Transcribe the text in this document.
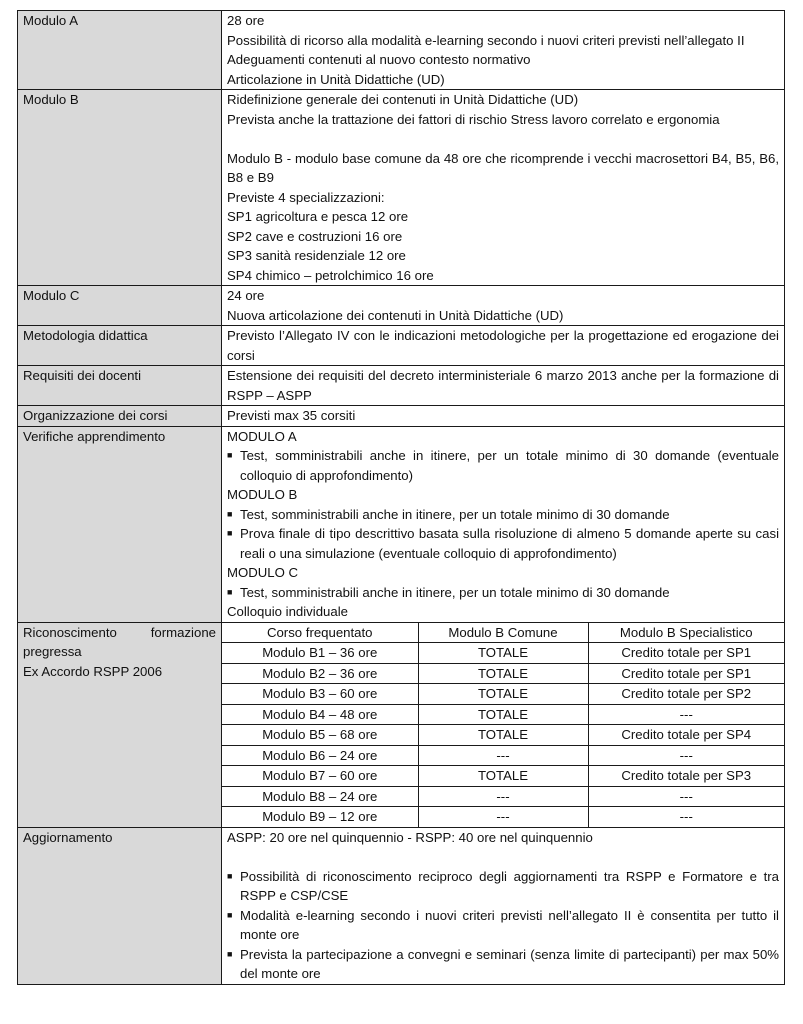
Modulo A	28 ore
Possibilità di ricorso alla modalità e-learning secondo i nuovi criteri previsti nell’allegato II
Adeguamenti contenuti al nuovo contesto normativo
Articolazione in Unità Didattiche (UD)

Modulo B	Ridefinizione generale dei contenuti in Unità Didattiche (UD)
Prevista anche la trattazione dei fattori di rischio Stress lavoro correlato e ergonomia
Modulo B - modulo base comune da 48 ore che ricomprende i vecchi macrosettori B4, B5, B6, B8 e B9
Previste 4 specializzazioni:
SP1 agricoltura e pesca 12 ore
SP2 cave e costruzioni 16 ore
SP3 sanità residenziale 12 ore
SP4 chimico – petrolchimico 16 ore

Modulo C	24 ore
Nuova articolazione dei contenuti in Unità Didattiche (UD)

Metodologia didattica	Previsto l’Allegato IV con le indicazioni metodologiche per la progettazione ed erogazione dei corsi

Requisiti dei docenti	Estensione dei requisiti del decreto interministeriale 6 marzo 2013 anche per la formazione di RSPP – ASPP

Organizzazione dei corsi	Previsti max 35 corsiti

Verifiche apprendimento	MODULO A
■ Test, somministrabili anche in itinere, per un totale minimo di 30 domande (eventuale colloquio di approfondimento)
MODULO B
■ Test, somministrabili anche in itinere, per un totale minimo di 30 domande
■ Prova finale di tipo descrittivo basata sulla risoluzione di almeno 5 domande aperte su casi reali o una simulazione (eventuale colloquio di approfondimento)
MODULO C
■ Test, somministrabili anche in itinere, per un totale minimo di 30 domande
Colloquio individuale

Riconoscimento formazione pregressa
Ex Accordo RSPP 2006

Corso frequentato	Modulo B Comune	Modulo B Specialistico
Modulo B1 – 36 ore	TOTALE	Credito totale per SP1
Modulo B2 – 36 ore	TOTALE	Credito totale per SP1
Modulo B3 – 60 ore	TOTALE	Credito totale per SP2
Modulo B4 – 48 ore	TOTALE	---
Modulo B5 – 68 ore	TOTALE	Credito totale per SP4
Modulo B6 – 24 ore	---	---
Modulo B7 – 60 ore	TOTALE	Credito totale per SP3
Modulo B8 – 24 ore	---	---
Modulo B9 – 12 ore	---	---

Aggiornamento	ASPP: 20 ore nel quinquennio - RSPP: 40 ore nel quinquennio
■ Possibilità di riconoscimento reciproco degli aggiornamenti tra RSPP e Formatore e tra RSPP e CSP/CSE
■ Modalità e-learning secondo i nuovi criteri previsti nell’allegato II è consentita per tutto il monte ore
■ Prevista la partecipazione a convegni e seminari (senza limite di partecipanti) per max 50% del monte ore
